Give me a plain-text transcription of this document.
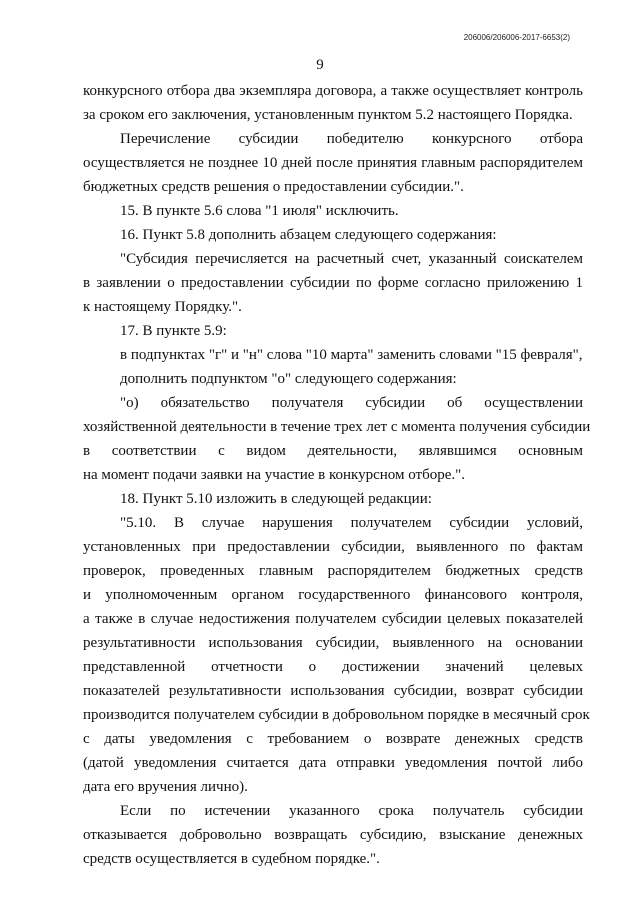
206006/206006-2017-6653(2)
9
конкурсного отбора два экземпляра договора, а также осуществляет контроль
за сроком его заключения, установленным пунктом 5.2 настоящего Порядка.
Перечисление субсидии победителю конкурсного отбора
осуществляется не позднее 10 дней после принятия главным распорядителем
бюджетных средств решения о предоставлении субсидии.".
15. В пункте 5.6 слова "1 июля" исключить.
16. Пункт 5.8 дополнить абзацем следующего содержания:
"Субсидия перечисляется на расчетный счет, указанный соискателем
в заявлении о предоставлении субсидии по форме согласно приложению 1
к настоящему Порядку.".
17. В пункте 5.9:
в подпунктах "г" и "н" слова "10 марта" заменить словами "15 февраля",
дополнить подпунктом "о" следующего содержания:
"о) обязательство получателя субсидии об осуществлении
хозяйственной деятельности в течение трех лет с момента получения субсидии
в соответствии с видом деятельности, являвшимся основным
на момент подачи заявки на участие в конкурсном отборе.".
18. Пункт 5.10 изложить в следующей редакции:
"5.10. В случае нарушения получателем субсидии условий,
установленных при предоставлении субсидии, выявленного по фактам
проверок, проведенных главным распорядителем бюджетных средств
и уполномоченным органом государственного финансового контроля,
а также в случае недостижения получателем субсидии целевых показателей
результативности использования субсидии, выявленного на основании
представленной отчетности о достижении значений целевых
показателей результативности использования субсидии, возврат субсидии
производится получателем субсидии в добровольном порядке в месячный срок
с даты уведомления с требованием о возврате денежных средств
(датой уведомления считается дата отправки уведомления почтой либо
дата его вручения лично).
Если по истечении указанного срока получатель субсидии
отказывается добровольно возвращать субсидию, взыскание денежных
средств осуществляется в судебном порядке.".
